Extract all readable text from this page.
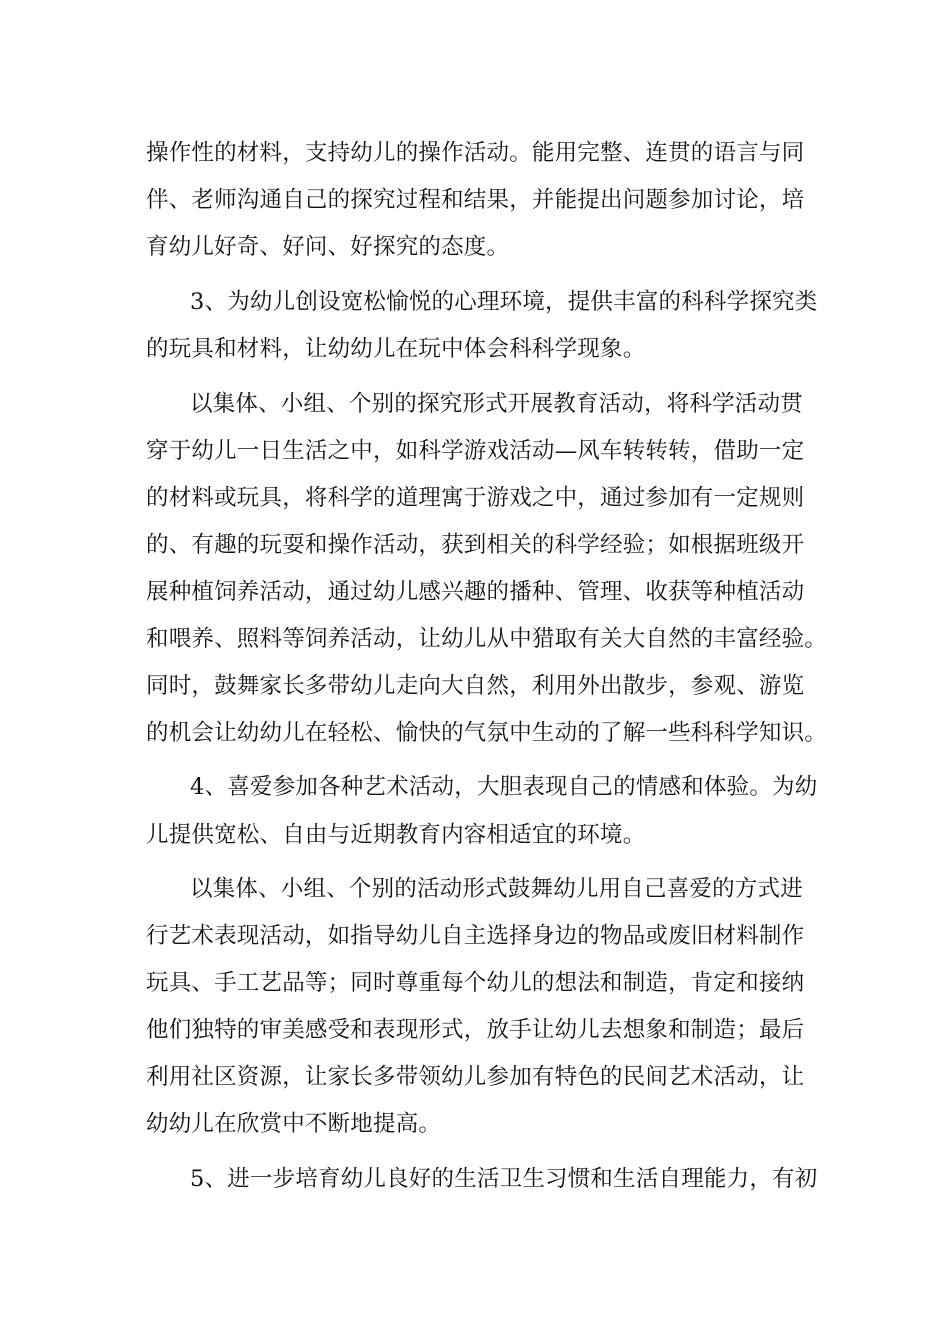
操作性的材料，支持幼儿的操作活动。能用完整、连贯的语言与同
伴、老师沟通自己的探究过程和结果，并能提出问题参加讨论，培
育幼儿好奇、好问、好探究的态度。
3、为幼儿创设宽松愉悦的心理环境，提供丰富的科科学探究类
的玩具和材料，让幼幼儿在玩中体会科科学现象。
以集体、小组、个别的探究形式开展教育活动，将科学活动贯
穿于幼儿一日生活之中，如科学游戏活动—风车转转转，借助一定
的材料或玩具，将科学的道理寓于游戏之中，通过参加有一定规则
的、有趣的玩耍和操作活动，获到相关的科学经验；如根据班级开
展种植饲养活动，通过幼儿感兴趣的播种、管理、收获等种植活动
和喂养、照料等饲养活动，让幼儿从中猎取有关大自然的丰富经验。
同时，鼓舞家长多带幼儿走向大自然，利用外出散步，参观、游览
的机会让幼幼儿在轻松、愉快的气氛中生动的了解一些科科学知识。
4、喜爱参加各种艺术活动，大胆表现自己的情感和体验。为幼
儿提供宽松、自由与近期教育内容相适宜的环境。
以集体、小组、个别的活动形式鼓舞幼儿用自己喜爱的方式进
行艺术表现活动，如指导幼儿自主选择身边的物品或废旧材料制作
玩具、手工艺品等；同时尊重每个幼儿的想法和制造，肯定和接纳
他们独特的审美感受和表现形式，放手让幼儿去想象和制造；最后
利用社区资源，让家长多带领幼儿参加有特色的民间艺术活动，让
幼幼儿在欣赏中不断地提高。
5、进一步培育幼儿良好的生活卫生习惯和生活自理能力，有初
